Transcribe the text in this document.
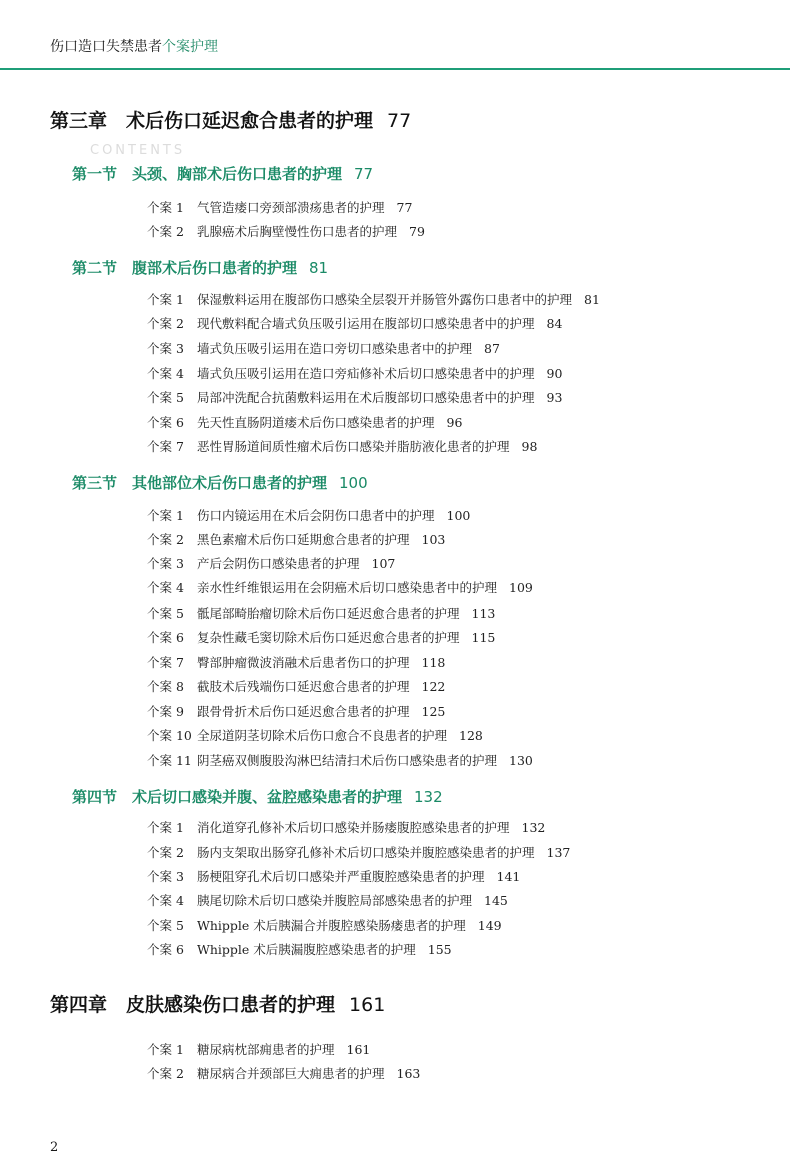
伤口造口失禁患者个案护理
CONTENTS
第三章　术后伤口延迟愈合患者的护理 77
第一节　头颈、胸部术后伤口患者的护理 77
个案 1 气管造瘘口旁颈部溃疡患者的护理 77
个案 2 乳腺癌术后胸壁慢性伤口患者的护理 79
第二节　腹部术后伤口患者的护理 81
个案 1 保湿敷料运用在腹部伤口感染全层裂开并肠管外露伤口患者中的护理 81
个案 2 现代敷料配合墙式负压吸引运用在腹部切口感染患者中的护理 84
个案 3 墙式负压吸引运用在造口旁切口感染患者中的护理 87
个案 4 墙式负压吸引运用在造口旁疝修补术后切口感染患者中的护理 90
个案 5 局部冲洗配合抗菌敷料运用在术后腹部切口感染患者中的护理 93
个案 6 先天性直肠阴道瘘术后伤口感染患者的护理 96
个案 7 恶性胃肠道间质性瘤术后伤口感染并脂肪液化患者的护理 98
第三节　其他部位术后伤口患者的护理 100
个案 1 伤口内镜运用在术后会阴伤口患者中的护理 100
个案 2 黑色素瘤术后伤口延期愈合患者的护理 103
个案 3 产后会阴伤口感染患者的护理 107
个案 4 亲水性纤维银运用在会阴癌术后切口感染患者中的护理 109
个案 5 骶尾部畸胎瘤切除术后伤口延迟愈合患者的护理 113
个案 6 复杂性藏毛窦切除术后伤口延迟愈合患者的护理 115
个案 7 臀部肿瘤微波消融术后患者伤口的护理 118
个案 8 截肢术后残端伤口延迟愈合患者的护理 122
个案 9 跟骨骨折术后伤口延迟愈合患者的护理 125
个案 10 全尿道阴茎切除术后伤口愈合不良患者的护理 128
个案 11 阴茎癌双侧腹股沟淋巴结清扫术后伤口感染患者的护理 130
第四节　术后切口感染并腹、盆腔感染患者的护理 132
个案 1 消化道穿孔修补术后切口感染并肠瘘腹腔感染患者的护理 132
个案 2 肠内支架取出肠穿孔修补术后切口感染并腹腔感染患者的护理 137
个案 3 肠梗阻穿孔术后切口感染并严重腹腔感染患者的护理 141
个案 4 胰尾切除术后切口感染并腹腔局部感染患者的护理 145
个案 5 Whipple 术后胰漏合并腹腔感染肠瘘患者的护理 149
个案 6 Whipple 术后胰漏腹腔感染患者的护理 155
第四章　皮肤感染伤口患者的护理 161
个案 1 糖尿病枕部痈患者的护理 161
个案 2 糖尿病合并颈部巨大痈患者的护理 163
2
